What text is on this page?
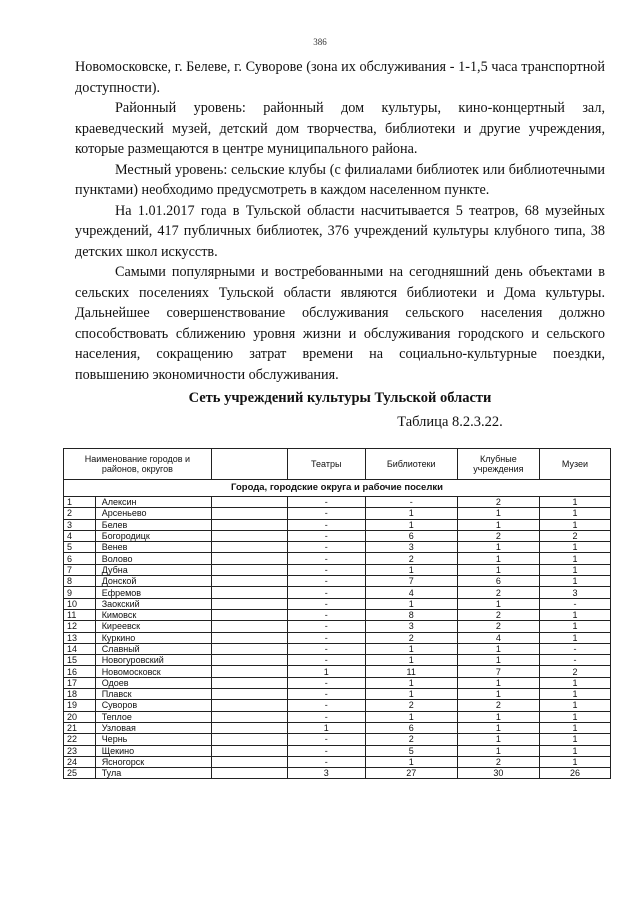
386

Новомосковске, г. Белеве, г. Суворове (зона их обслуживания - 1-1,5 часа транспортной доступности).

Районный уровень: районный дом культуры, кино-концертный зал, краеведческий музей, детский дом творчества, библиотеки и другие учреждения, которые размещаются в центре муниципального района.

Местный уровень: сельские клубы (с филиалами библиотек или библиотечными пунктами) необходимо предусмотреть в каждом населенном пункте.

На 1.01.2017 года в Тульской области насчитывается 5 театров, 68 музейных учреждений, 417 публичных библиотек, 376 учреждений культуры клубного типа, 38 детских школ искусств.

Самыми популярными и востребованными на сегодняшний день объектами в сельских поселениях Тульской области являются библиотеки и Дома культуры. Дальнейшее совершенствование обслуживания сельского населения должно способствовать сближению уровня жизни и обслуживания городского и сельского населения, сокращению затрат времени на социально-культурные поездки, повышению экономичности обслуживания.

Сеть учреждений культуры Тульской области
Таблица 8.2.3.22.
Наименование городов и районов, округов			Театры	Библиотеки	Клубные учреждения	Музеи
Города, городские округа и рабочие поселки						
1	Алексин		-	-	2	1
2	Арсеньево		-	1	1	1
3	Белев		-	1	1	1
4	Богородицк		-	6	2	2
5	Венев		-	3	1	1
6	Волово		-	2	1	1
7	Дубна		-	1	1	1
8	Донской		-	7	6	1
9	Ефремов		-	4	2	3
10	Заокский		-	1	1	-
11	Кимовск		-	8	2	1
12	Киреевск		-	3	2	1
13	Куркино		-	2	4	1
14	Славный		-	1	1	-
15	Новогуровский		-	1	1	-
16	Новомосковск		1	11	7	2
17	Одоев		-	1	1	1
18	Плавск		-	1	1	1
19	Суворов		-	2	2	1
20	Теплое		-	1	1	1
21	Узловая		1	6	1	1
22	Чернь		-	2	1	1
23	Щекино		-	5	1	1
24	Ясногорск		-	1	2	1
25	Тула		3	27	30	26
